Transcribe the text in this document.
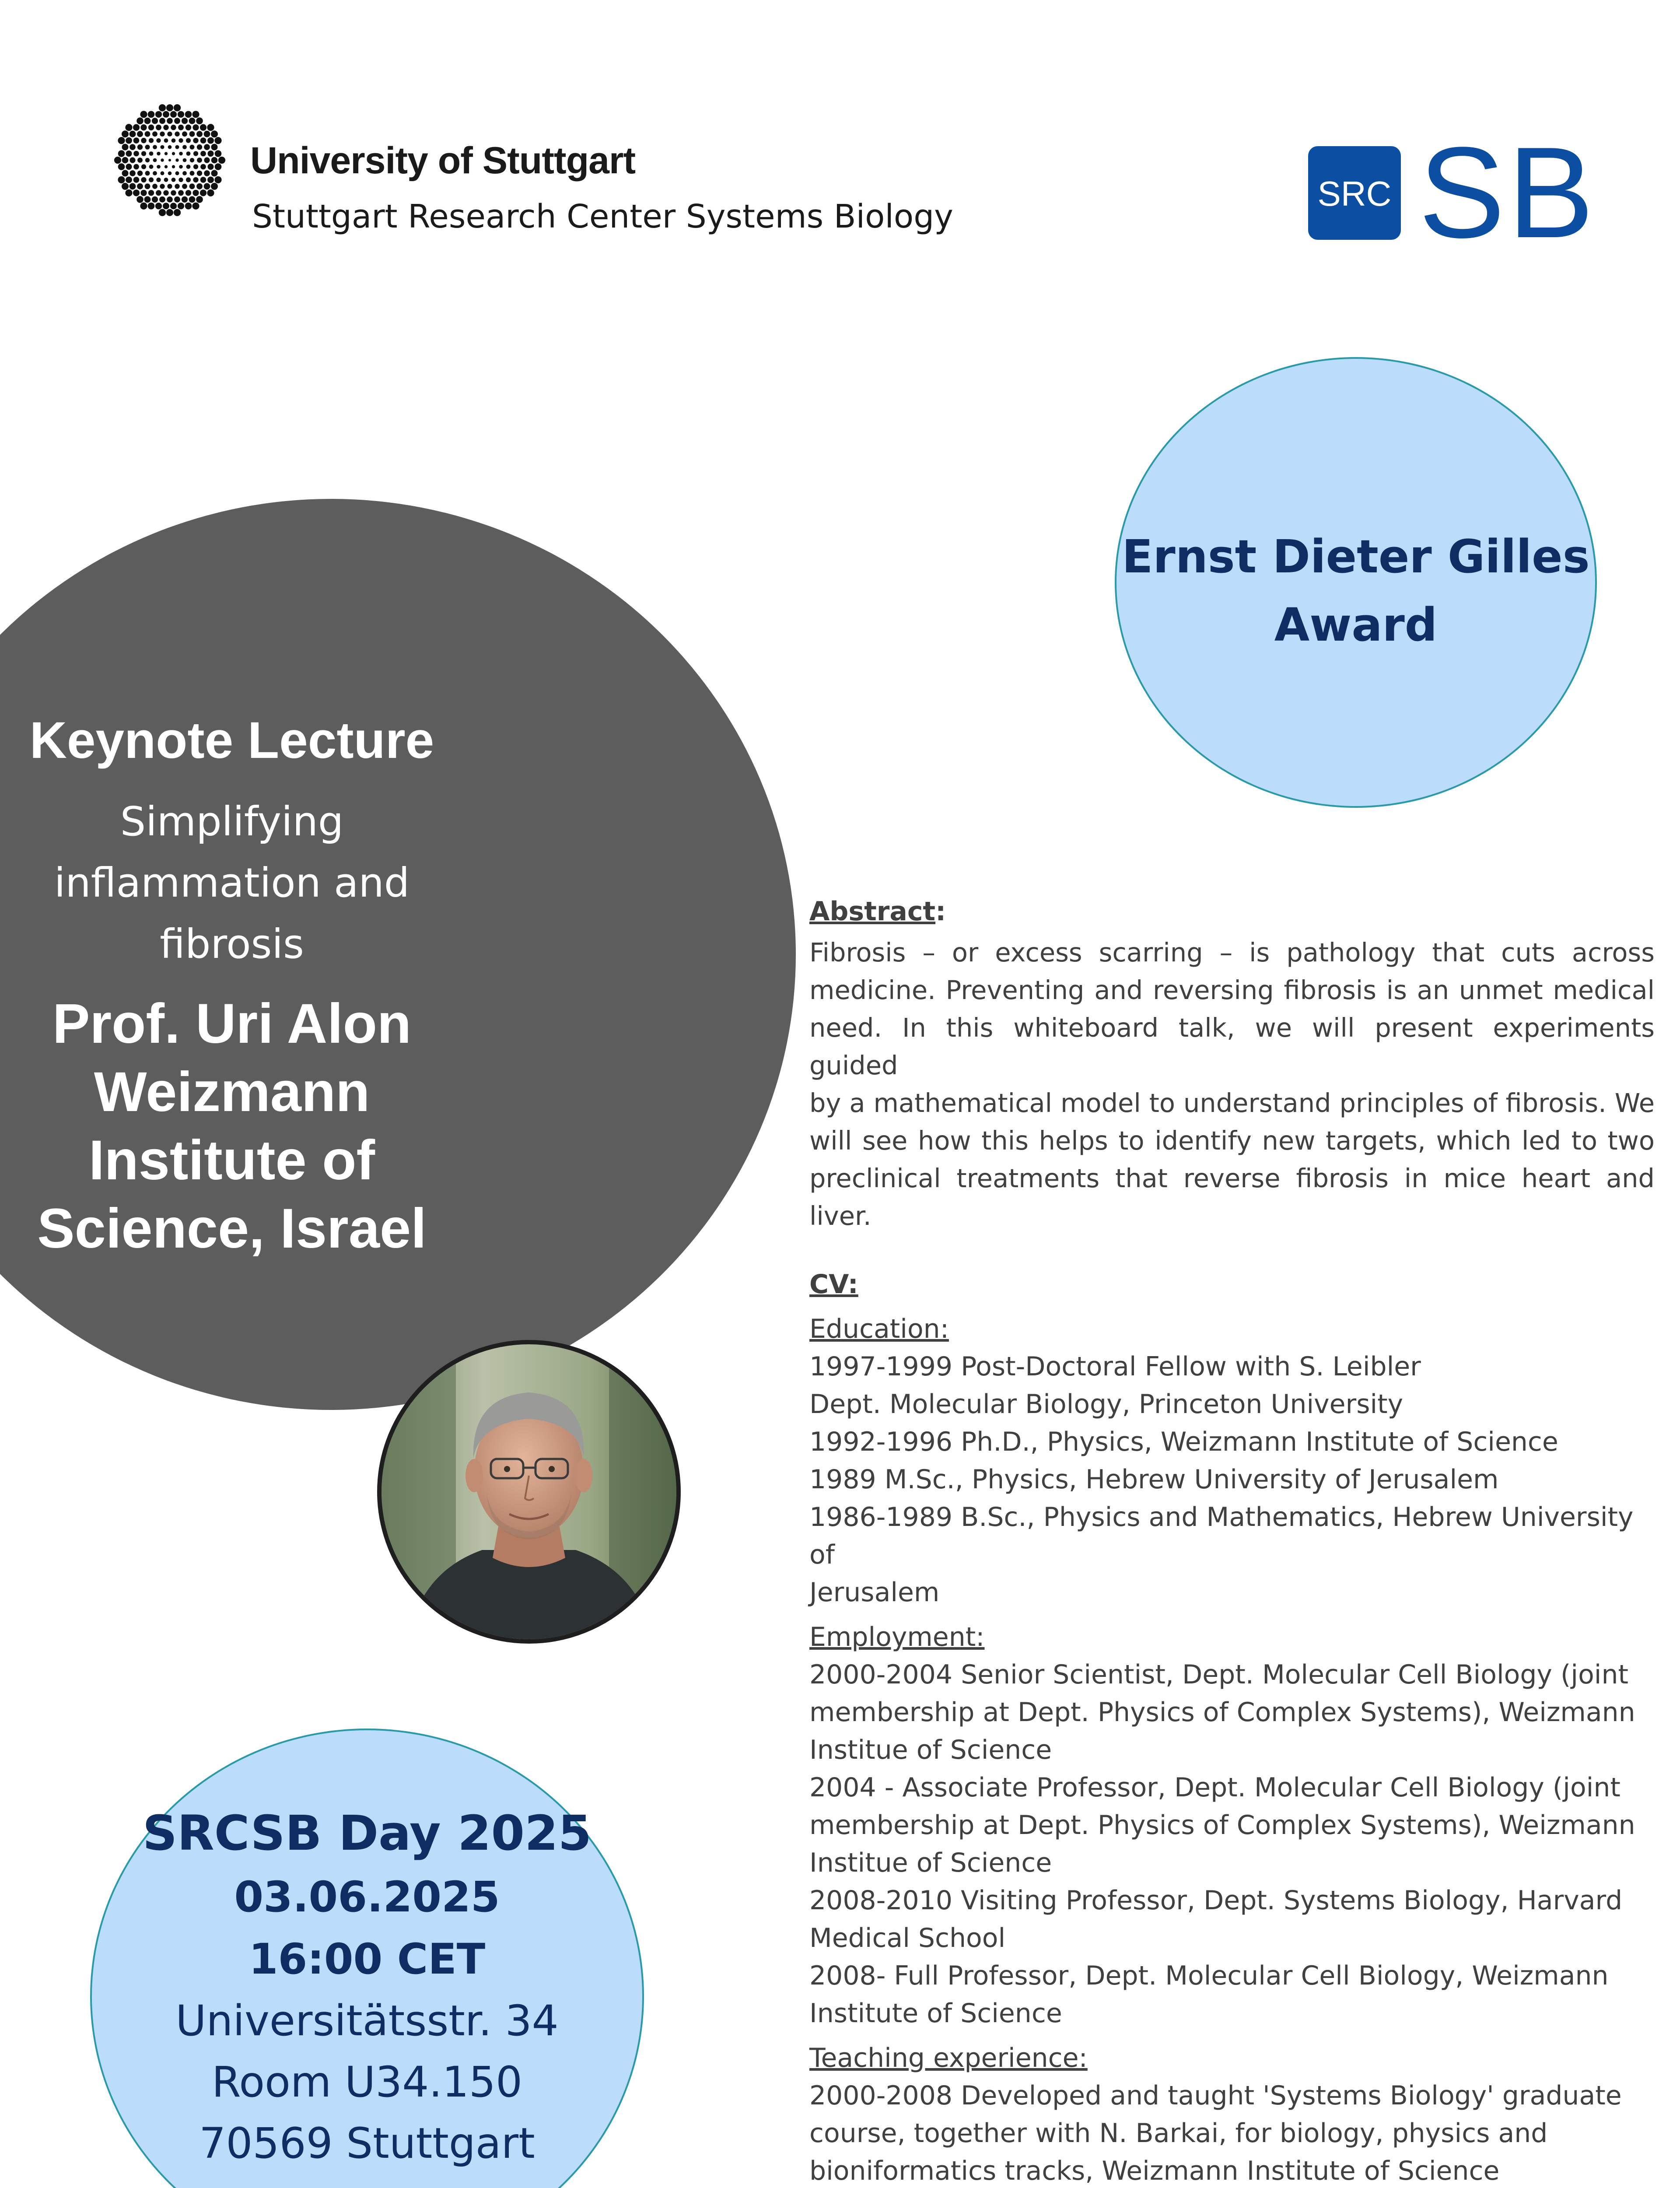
University of Stuttgart
Stuttgart Research Center Systems Biology
SRC SB
Ernst Dieter Gilles
Award
Keynote Lecture
Simplifying inflammation and
fibrosis
Prof. Uri Alon
Weizmann Institute of
Science, Israel
SRCSB Day 2025
03.06.2025
16:00 CET
Universitätsstr. 34
Room U34.150
70569 Stuttgart
Abstract:
Fibrosis – or excess scarring – is pathology that cuts across
medicine. Preventing and reversing fibrosis is an unmet medical
need. In this whiteboard talk, we will present experiments guided
by a mathematical model to understand principles of fibrosis. We
will see how this helps to identify new targets, which led to two
preclinical treatments that reverse fibrosis in mice heart and liver.
CV:
Education:
1997-1999 Post-Doctoral Fellow with S. Leibler
Dept. Molecular Biology, Princeton University
1992-1996 Ph.D., Physics, Weizmann Institute of Science
1989 M.Sc., Physics, Hebrew University of Jerusalem
1986-1989 B.Sc., Physics and Mathematics, Hebrew University of
Jerusalem
Employment:
2000-2004 Senior Scientist, Dept. Molecular Cell Biology (joint
membership at Dept. Physics of Complex Systems), Weizmann
Institue of Science
2004 - Associate Professor, Dept. Molecular Cell Biology (joint
membership at Dept. Physics of Complex Systems), Weizmann
Institue of Science
2008-2010 Visiting Professor, Dept. Systems Biology, Harvard
Medical School
2008- Full Professor, Dept. Molecular Cell Biology, Weizmann
Institute of Science
Teaching experience:
2000-2008 Developed and taught 'Systems Biology' graduate
course, together with N. Barkai, for biology, physics and
bioniformatics tracks, Weizmann Institute of Science
